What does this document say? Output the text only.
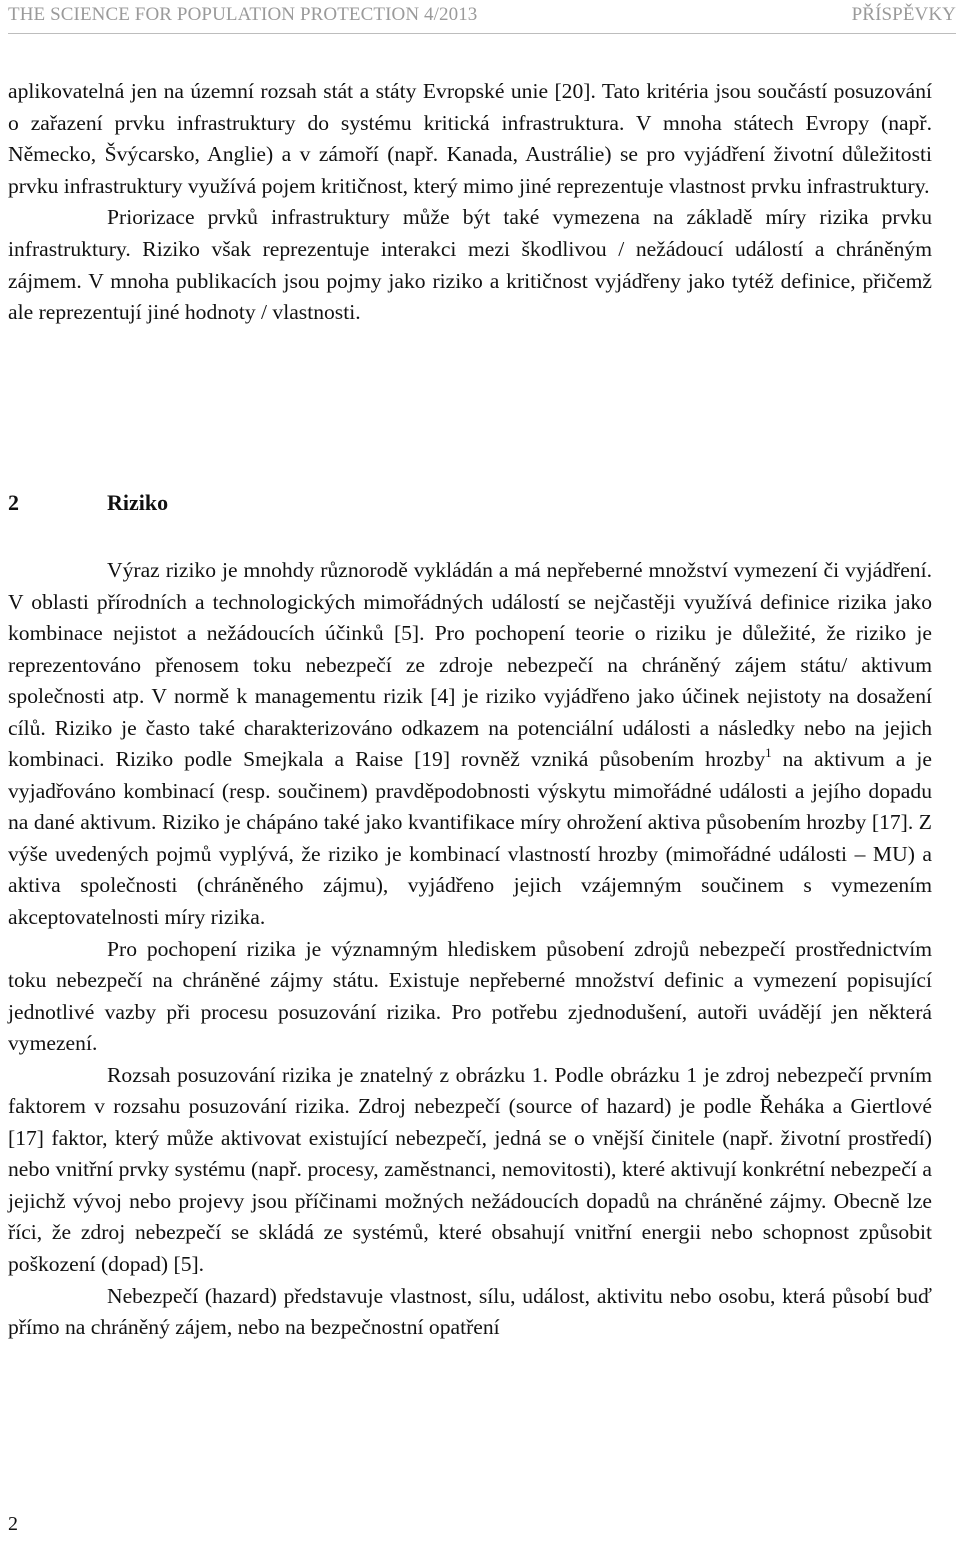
THE SCIENCE FOR POPULATION PROTECTION 4/2013	PŘÍSPĚVKY

aplikovatelná jen na územní rozsah stát a státy Evropské unie [20]. Tato kritéria jsou součástí posuzování o zařazení prvku infrastruktury do systému kritická infrastruktura. V mnoha státech Evropy (např. Německo, Švýcarsko, Anglie) a v zámoří (např. Kanada, Austrálie) se pro vyjádření životní důležitosti prvku infrastruktury využívá pojem kritičnost, který mimo jiné reprezentuje vlastnost prvku infrastruktury.

Priorizace prvků infrastruktury může být také vymezena na základě míry rizika prvku infrastruktury. Riziko však reprezentuje interakci mezi škodlivou / nežádoucí událostí a chráněným zájmem. V mnoha publikacích jsou pojmy jako riziko a kritičnost vyjádřeny jako tytéž definice, přičemž ale reprezentují jiné hodnoty / vlastnosti.

2	Riziko

Výraz riziko je mnohdy různorodě vykládán a má nepřeberné množství vymezení či vyjádření. V oblasti přírodních a technologických mimořádných událostí se nejčastěji využívá definice rizika jako kombinace nejistot a nežádoucích účinků [5]. Pro pochopení teorie o riziku je důležité, že riziko je reprezentováno přenosem toku nebezpečí ze zdroje nebezpečí na chráněný zájem státu/ aktivum společnosti atp. V normě k managementu rizik [4] je riziko vyjádřeno jako účinek nejistoty na dosažení cílů. Riziko je často také charakterizováno odkazem na potenciální události a následky nebo na jejich kombinaci. Riziko podle Smejkala a Raise [19] rovněž vzniká působením hrozby$^1$ na aktivum a je vyjadřováno kombinací (resp. součinem) pravděpodobnosti výskytu mimořádné události a jejího dopadu na dané aktivum. Riziko je chápáno také jako kvantifikace míry ohrožení aktiva působením hrozby [17]. Z výše uvedených pojmů vyplývá, že riziko je kombinací vlastností hrozby (mimořádné události – MU) a aktiva společnosti (chráněného zájmu), vyjádřeno jejich vzájemným součinem s vymezením akceptovatelnosti míry rizika.

Pro pochopení rizika je významným hlediskem působení zdrojů nebezpečí prostřednictvím toku nebezpečí na chráněné zájmy státu. Existuje nepřeberné množství definic a vymezení popisující jednotlivé vazby při procesu posuzování rizika. Pro potřebu zjednodušení, autoři uvádějí jen některá vymezení.

Rozsah posuzování rizika je znatelný z obrázku 1. Podle obrázku 1 je zdroj nebezpečí prvním faktorem v rozsahu posuzování rizika. Zdroj nebezpečí (source of hazard) je podle Řeháka a Giertlové [17] faktor, který může aktivovat existující nebezpečí, jedná se o vnější činitele (např. životní prostředí) nebo vnitřní prvky systému (např. procesy, zaměstnanci, nemovitosti), které aktivují konkrétní nebezpečí a jejichž vývoj nebo projevy jsou příčinami možných nežádoucích dopadů na chráněné zájmy. Obecně lze říci, že zdroj nebezpečí se skládá ze systémů, které obsahují vnitřní energii nebo schopnost způsobit poškození (dopad) [5].

Nebezpečí (hazard) představuje vlastnost, sílu, událost, aktivitu nebo osobu, která působí buď přímo na chráněný zájem, nebo na bezpečnostní opatření

2
